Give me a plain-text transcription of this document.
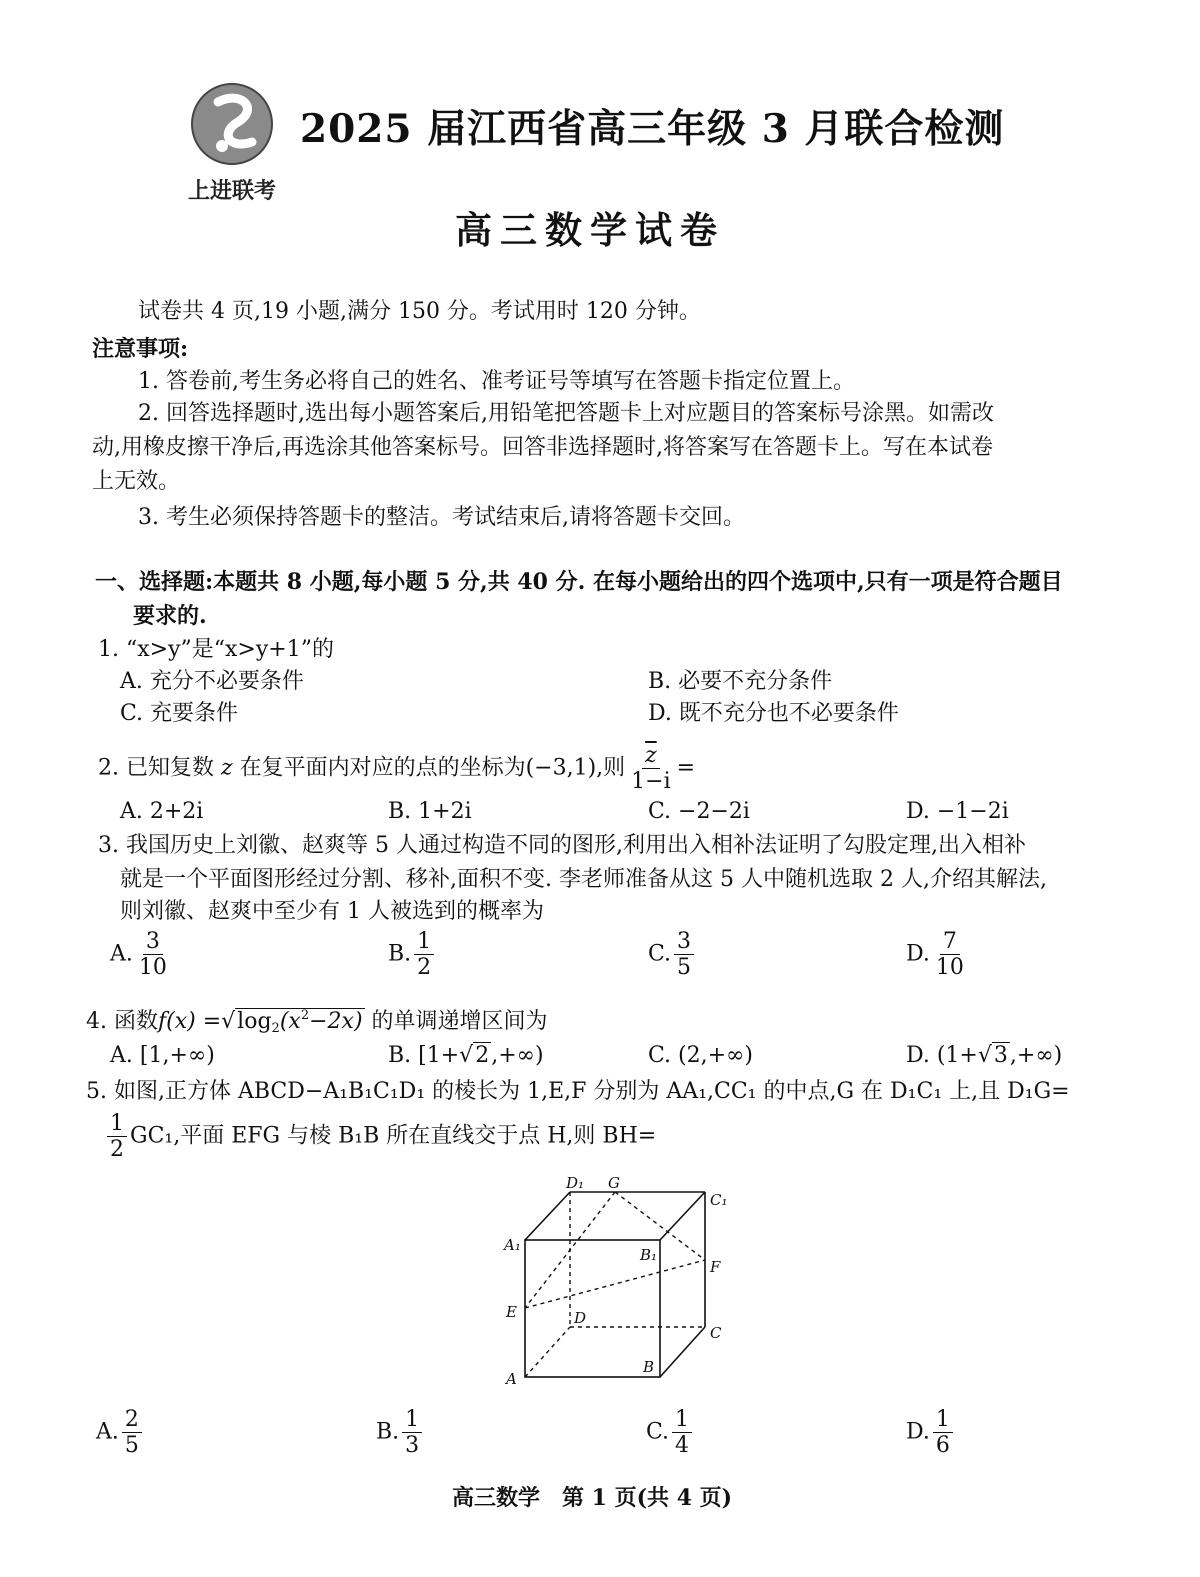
上进联考
2025 届江西省高三年级 3 月联合检测
高三数学试卷
试卷共 4 页,19 小题,满分 150 分。考试用时 120 分钟。
注意事项:
1. 答卷前,考生务必将自己的姓名、准考证号等填写在答题卡指定位置上。
2. 回答选择题时,选出每小题答案后,用铅笔把答题卡上对应题目的答案标号涂黑。如需改
动,用橡皮擦干净后,再选涂其他答案标号。回答非选择题时,将答案写在答题卡上。写在本试卷
上无效。
3. 考生必须保持答题卡的整洁。考试结束后,请将答题卡交回。
一、选择题:本题共 8 小题,每小题 5 分,共 40 分. 在每小题给出的四个选项中,只有一项是符合题目
要求的.
1. “x>y”是“x>y+1”的
A. 充分不必要条件	B. 必要不充分条件
C. 充要条件	D. 既不充分也不必要条件
2. 已知复数 z 在复平面内对应的点的坐标为(−3,1),则 $\frac{\overline{z}}{1-i}$ =
A. 2+2i	B. 1+2i	C. −2−2i	D. −1−2i
3. 我国历史上刘徽、赵爽等 5 人通过构造不同的图形,利用出入相补法证明了勾股定理,出入相补
就是一个平面图形经过分割、移补,面积不变. 李老师准备从这 5 人中随机选取 2 人,介绍其解法,
则刘徽、赵爽中至少有 1 人被选到的概率为
A. $\frac{3}{10}$	B. $\frac{1}{2}$	C. $\frac{3}{5}$	D. $\frac{7}{10}$
4. 函数$f(x) =√\log_2(x^2-2x)$ 的单调递增区间为
A. [1,+∞)	B. [1+√2,+∞)	C. (2,+∞)	D. (1+√3,+∞)
5. 如图,正方体 ABCD−A₁B₁C₁D₁ 的棱长为 1,E,F 分别为 AA₁,CC₁ 的中点,G 在 D₁C₁ 上,且 D₁G=
$\frac{1}{2} GC_1$,平面 EFG 与棱 B₁B 所在直线交于点 H,则 BH=
D₁ G
C₁
A₁
B₁
F
E	D
C
B
A
A. $\frac{2}{5}$	B. $\frac{1}{3}$	C. $\frac{1}{4}$	D. $\frac{1}{6}$
高三数学　第 1 页(共 4 页)
